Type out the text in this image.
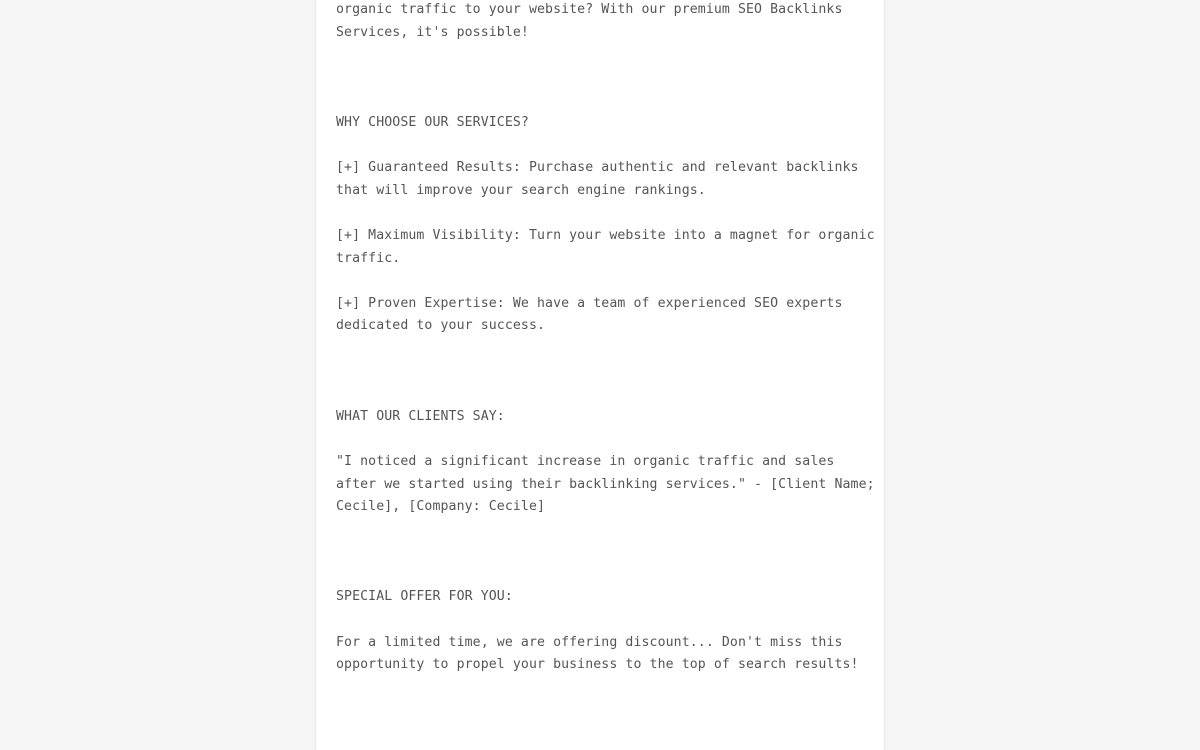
organic traffic to your website? With our premium SEO Backlinks Services, it's possible!

WHY CHOOSE OUR SERVICES?

[+] Guaranteed Results: Purchase authentic and relevant backlinks that will improve your search engine rankings.

[+] Maximum Visibility: Turn your website into a magnet for organic traffic.

[+] Proven Expertise: We have a team of experienced SEO experts dedicated to your success.

WHAT OUR CLIENTS SAY:

"I noticed a significant increase in organic traffic and sales after we started using their backlinking services." - [Client Name; Cecile], [Company: Cecile]

SPECIAL OFFER FOR YOU:

For a limited time, we are offering discount... Don't miss this opportunity to propel your business to the top of search results!
